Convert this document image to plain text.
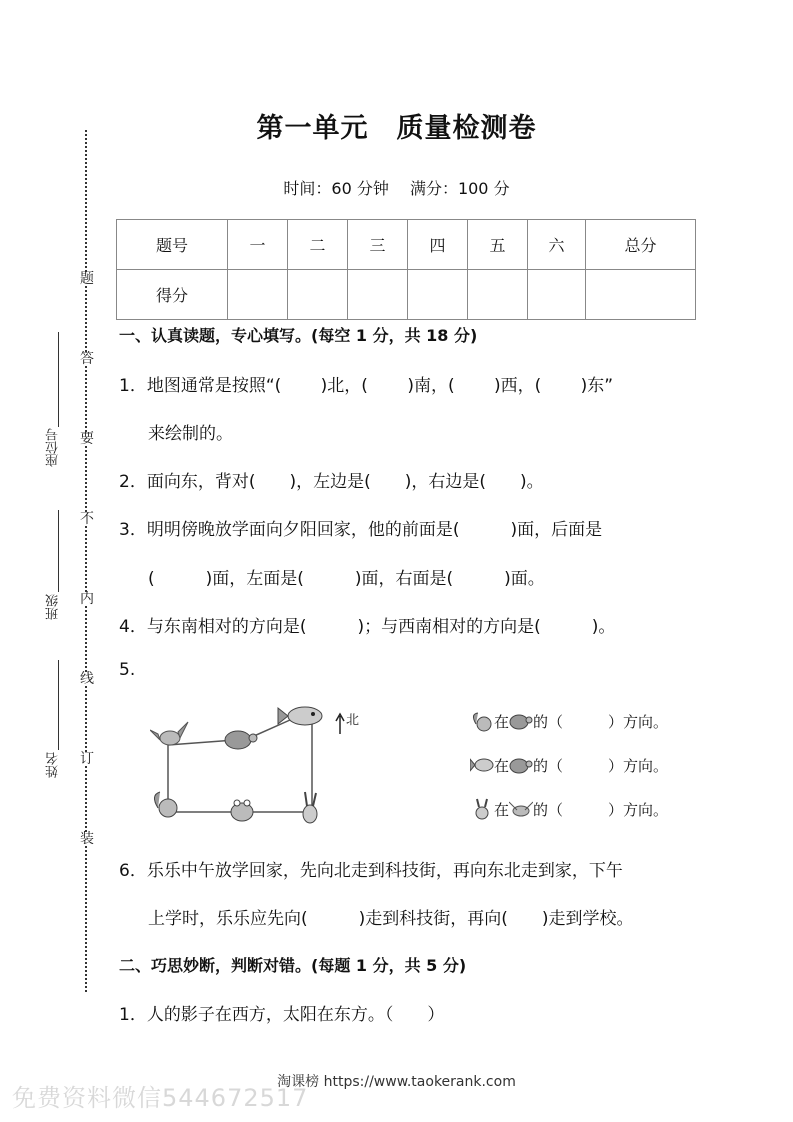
题
答
要
不
内
线
订
装
座位号
班级
姓名
第一单元　质量检测卷
时间：60 分钟　 满分：100 分
题号	一	二	三	四	五	六	总分
得分							
一、认真读题，专心填写。(每空 1 分，共 18 分)
1．地图通常是按照“(　　 )北，(　　 )南，(　　 )西，(　　 )东”
来绘制的。
2．面向东，背对(　　)，左边是(　　)，右边是(　　)。
3．明明傍晚放学面向夕阳回家，他的前面是(　　　)面，后面是
(　　　)面，左面是(　　　)面，右面是(　　　)面。
4．与东南相对的方向是(　　　)；与西南相对的方向是(　　　)。
5.
北	在 的（　　　）方向。
在 的（　　　）方向。
在 的（　　　）方向。
6．乐乐中午放学回家，先向北走到科技街，再向东北走到家，下午
上学时，乐乐应先向(　　　)走到科技街，再向(　　)走到学校。
二、巧思妙断，判断对错。(每题 1 分，共 5 分)
1．人的影子在西方，太阳在东方。（　　）
淘课榜 https://www.taokerank.com
免费资料微信544672517
